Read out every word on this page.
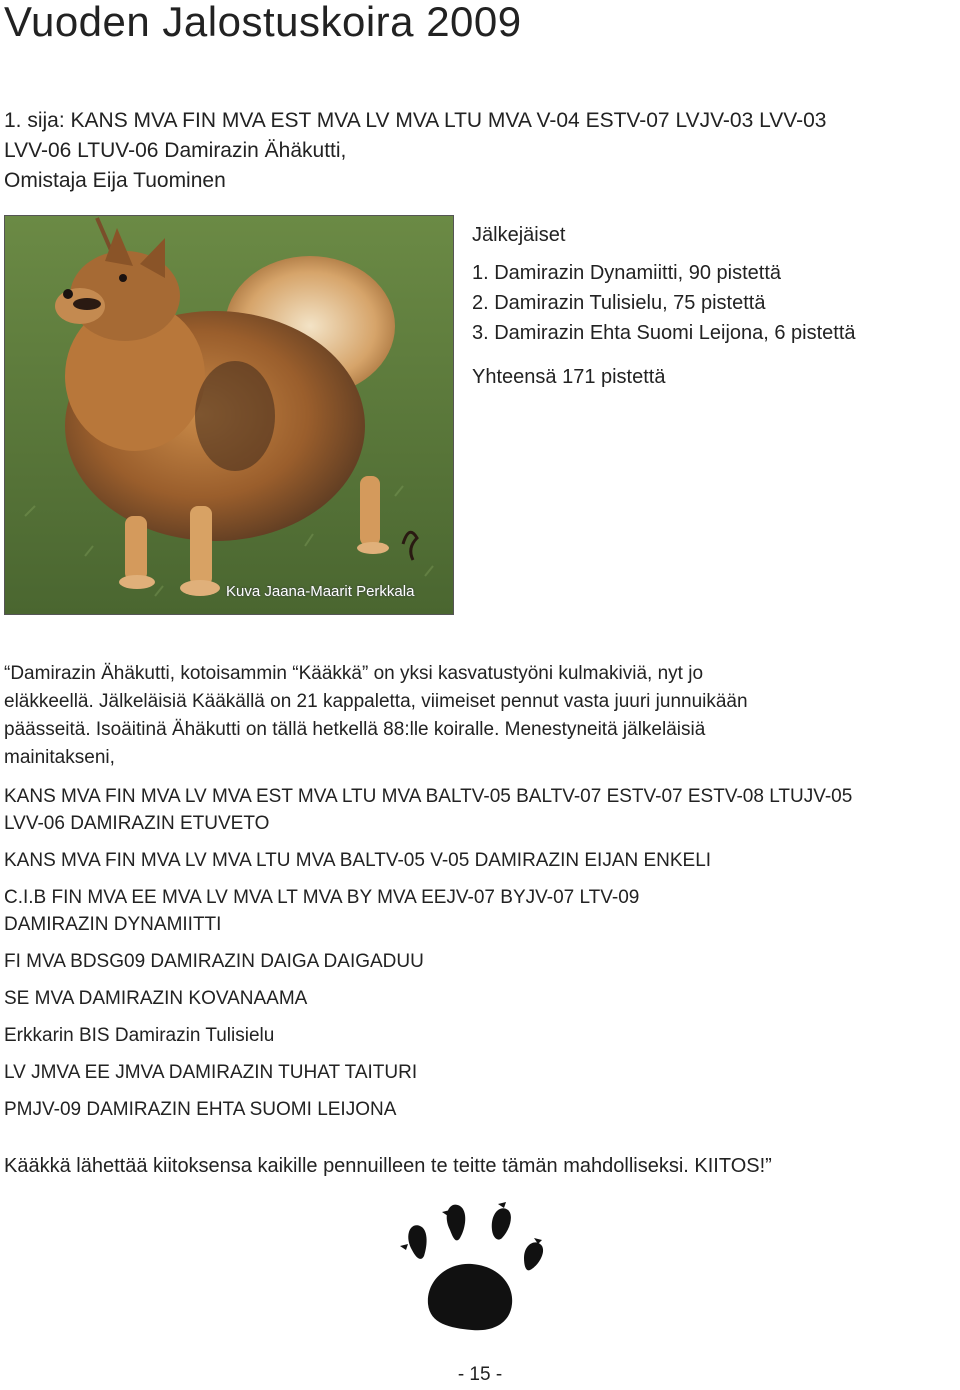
Vuoden Jalostuskoira 2009
1. sija: KANS MVA FIN MVA EST MVA LV MVA LTU MVA V-04 ESTV-07 LVJV-03 LVV-03
LVV-06 LTUV-06 Damirazin Ähäkutti,
Omistaja Eija Tuominen
Kuva Jaana-Maarit Perkkala
Jälkejäiset
1. Damirazin Dynamiitti, 90 pistettä
2. Damirazin Tulisielu, 75 pistettä
3. Damirazin Ehta Suomi Leijona, 6 pistettä
Yhteensä 171 pistettä
“Damirazin Ähäkutti, kotoisammin “Kääkkä” on yksi kasvatustyöni kulmakiviä, nyt jo
eläkkeellä. Jälkeläisiä Kääkällä on 21 kappaletta, viimeiset pennut vasta juuri junnuikään
päässeitä. Isoäitinä Ähäkutti on tällä hetkellä 88:lle koiralle. Menestyneitä jälkeläisiä
mainitakseni,
KANS MVA FIN MVA LV MVA EST MVA LTU MVA BALTV-05 BALTV-07 ESTV-07 ESTV-08 LTUJV-05
LVV-06 DAMIRAZIN ETUVETO
KANS MVA FIN MVA LV MVA LTU MVA BALTV-05 V-05 DAMIRAZIN EIJAN ENKELI
C.I.B FIN MVA EE MVA LV MVA LT MVA BY MVA EEJV-07 BYJV-07 LTV-09
DAMIRAZIN DYNAMIITTI
FI MVA BDSG09 DAMIRAZIN DAIGA DAIGADUU
SE MVA DAMIRAZIN KOVANAAMA
Erkkarin BIS Damirazin Tulisielu
LV JMVA EE JMVA DAMIRAZIN TUHAT TAITURI
PMJV-09 DAMIRAZIN EHTA SUOMI LEIJONA
Kääkkä lähettää kiitoksensa kaikille pennuilleen te teitte tämän mahdolliseksi. KIITOS!”
- 15 -
